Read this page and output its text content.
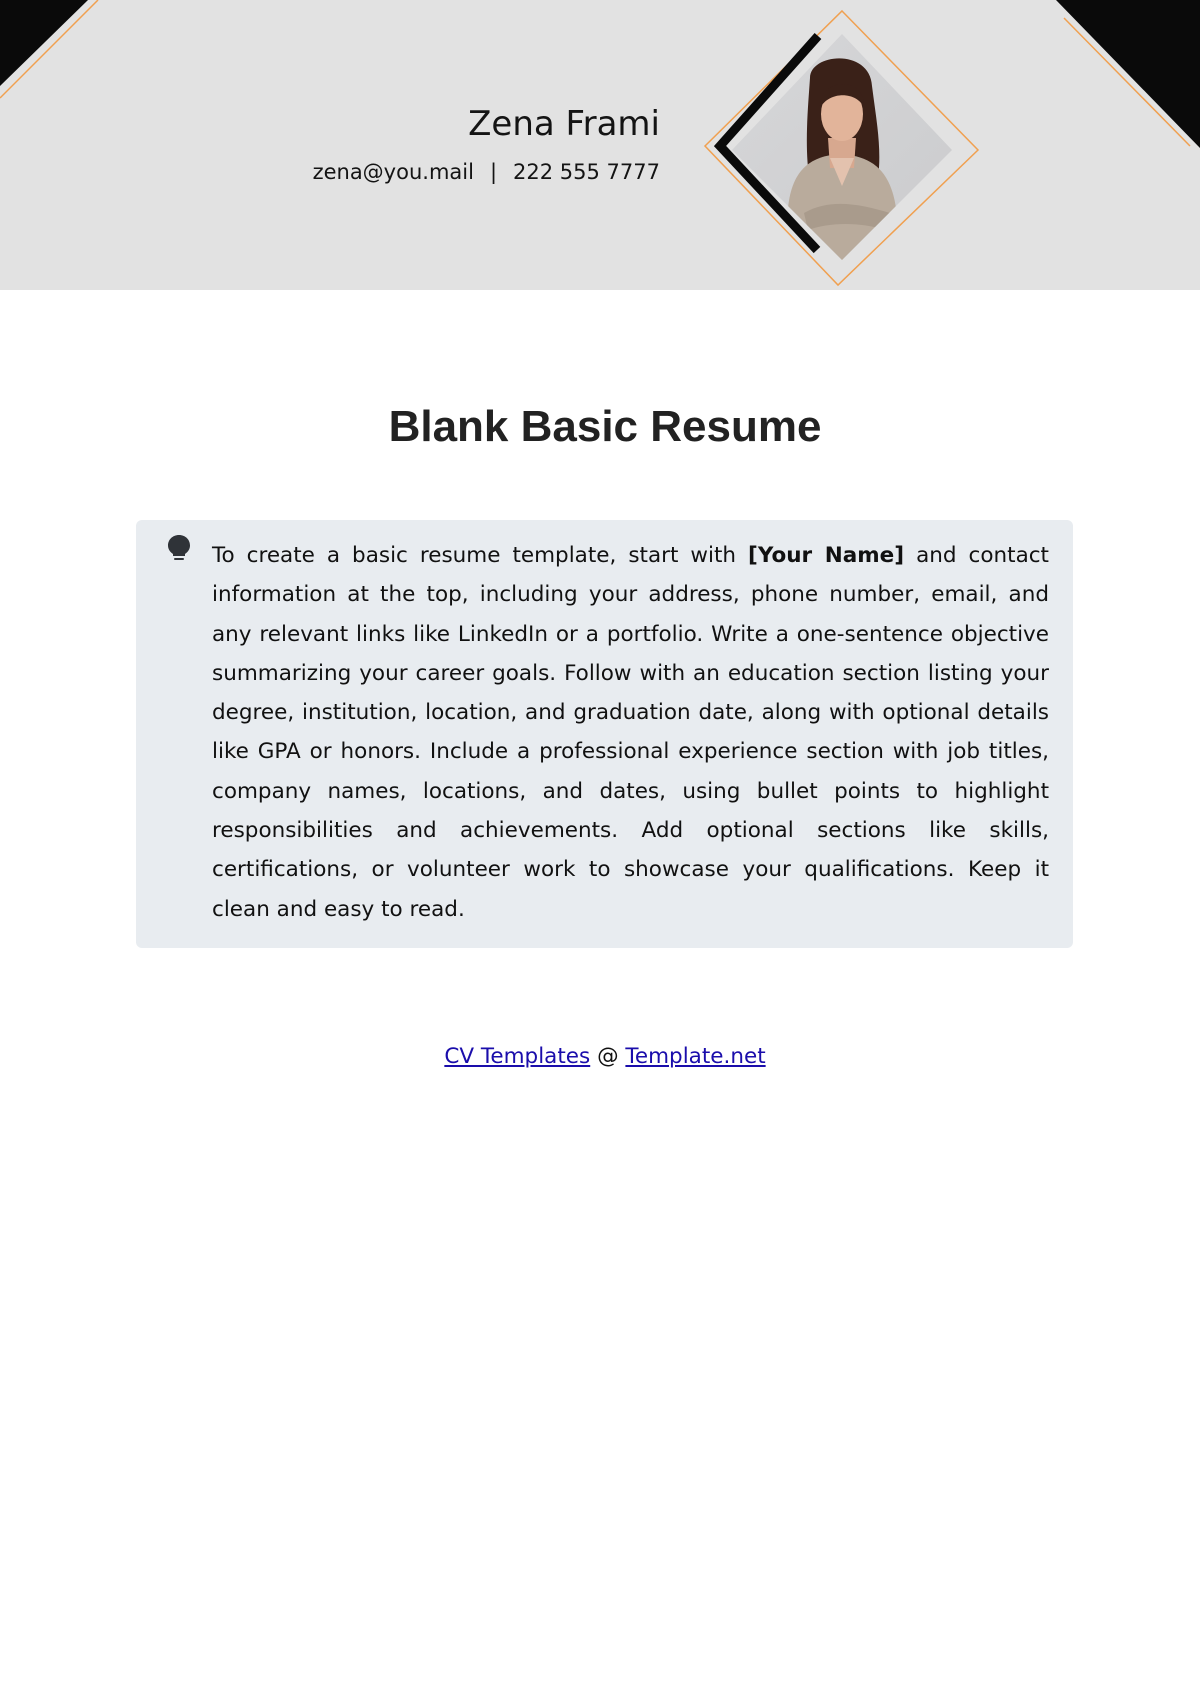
Zena Frami
zena@you.mail | 222 555 7777
Blank Basic Resume

To create a basic resume template, start with [Your Name] and contact information at the top, including your address, phone number, email, and any relevant links like LinkedIn or a portfolio. Write a one-sentence objective summarizing your career goals. Follow with an education section listing your degree, institution, location, and graduation date, along with optional details like GPA or honors. Include a professional experience section with job titles, company names, locations, and dates, using bullet points to highlight responsibilities and achievements. Add optional sections like skills, certifications, or volunteer work to showcase your qualifications. Keep it clean and easy to read.

CV Templates @ Template.net
